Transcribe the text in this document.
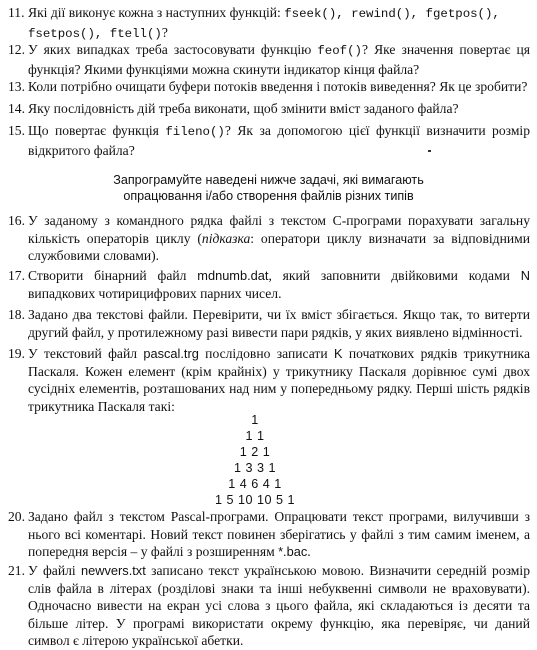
11. Які дії виконує кожна з наступних функцій: fseek(), rewind(), fgetpos(),
fsetpos(), ftell()?
12. У яких випадках треба застосовувати функцію feof()? Яке значення повертає ця функція? Якими функціями можна скинути індикатор кінця файла?
13. Коли потрібно очищати буфери потоків введення і потоків виведення? Як це зробити?
14. Яку послідовність дій треба виконати, щоб змінити вміст заданого файла?
15. Що повертає функція fileno()? Як за допомогою цієї функції визначити розмір відкритого файла?
Запрограмуйте наведені нижче задачі, які вимагають
опрацювання і/або створення файлів різних типів
16. У заданому з командного рядка файлі з текстом С-програми порахувати загальну кількість операторів циклу (підказка: оператори циклу визначати за відповідними службовими словами).
17. Створити бінарний файл mdnumb.dat, який заповнити двійковими кодами N випадкових чотирицифрових парних чисел.
18. Задано два текстові файли. Перевірити, чи їх вміст збігається. Якщо так, то витерти другий файл, у протилежному разі вивести пари рядків, у яких виявлено відмінності.
19. У текстовий файл pascal.trg послідовно записати K початкових рядків трикутника Паскаля. Кожен елемент (крім крайніх) у трикутнику Паскаля дорівнює сумі двох сусідніх елементів, розташованих над ним у попередньому рядку. Перші шість рядків трикутника Паскаля такі:
1
1 1
1 2 1
1 3 3 1
1 4 6 4 1
1 5 10 10 5 1
20. Задано файл з текстом Pascal-програми. Опрацювати текст програми, вилучивши з нього всі коментарі. Новий текст повинен зберігатись у файлі з тим самим іменем, а попередня версія – у файлі з розширенням *.bac.
21. У файлі newvers.txt записано текст українською мовою. Визначити середній розмір слів файла в літерах (розділові знаки та інші небуквенні символи не враховувати). Одночасно вивести на екран усі слова з цього файла, які складаються із десяти та більше літер. У програмі використати окрему функцію, яка перевіряє, чи даний символ є літерою української абетки.
